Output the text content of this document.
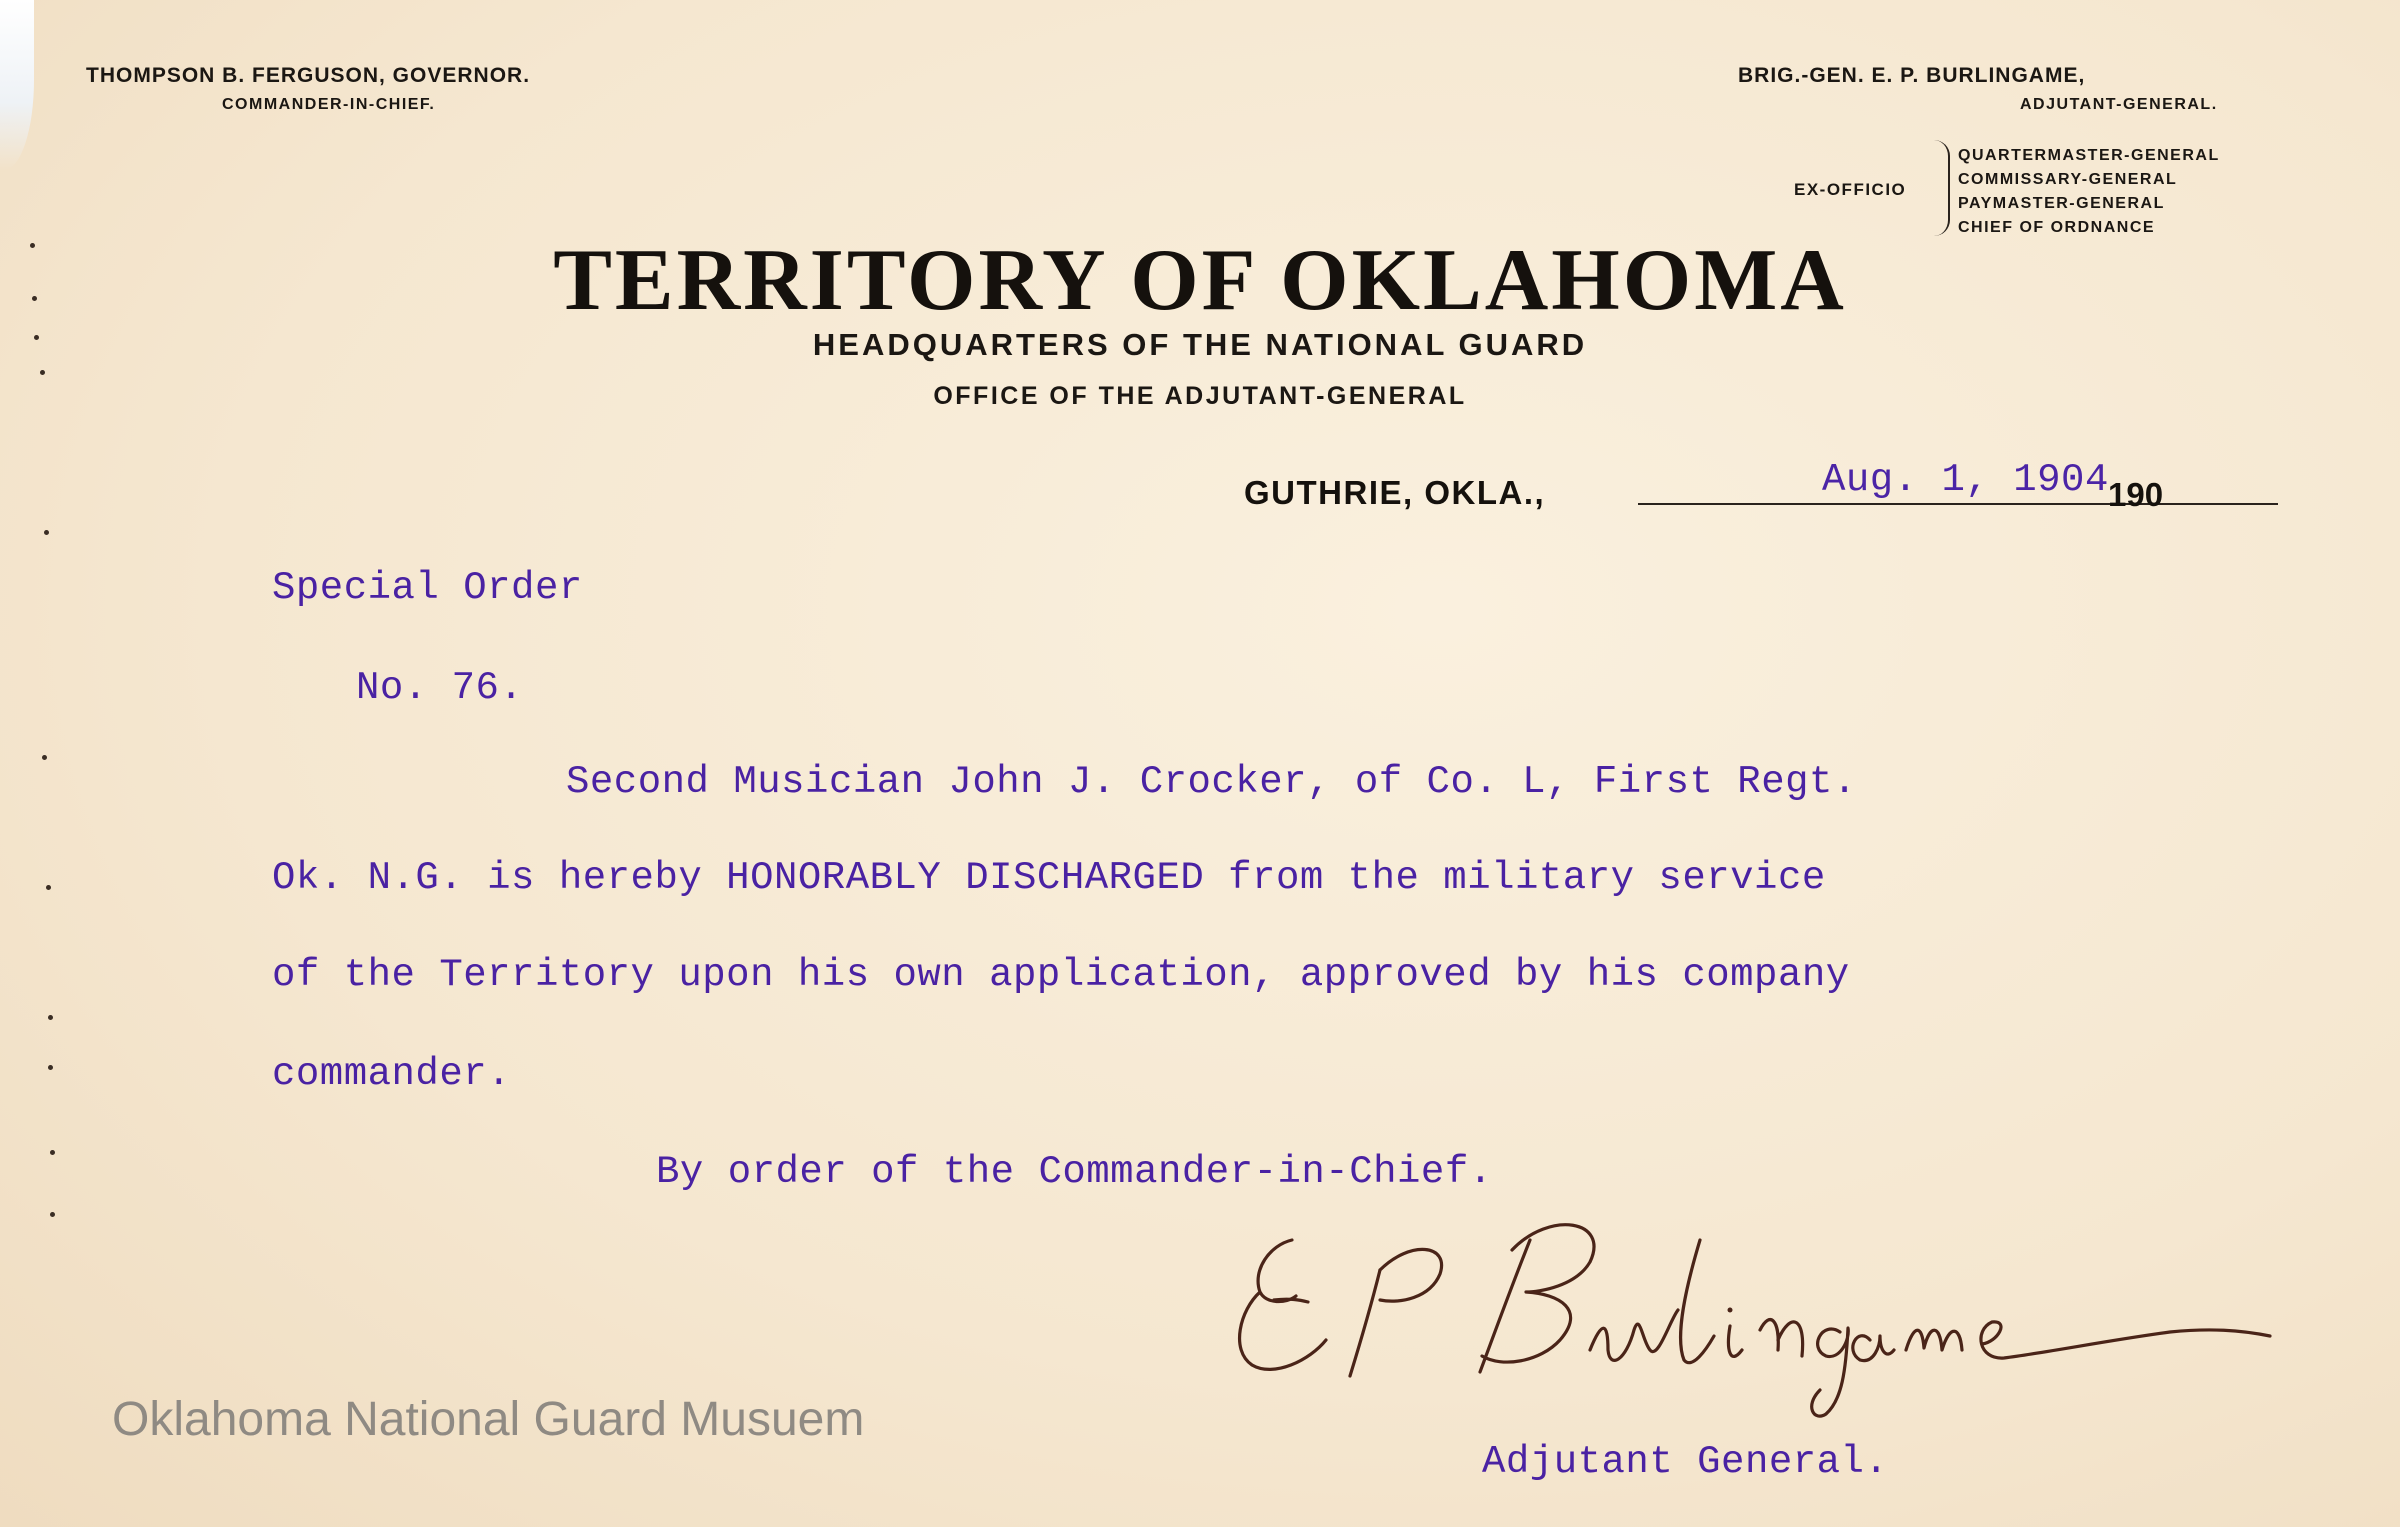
THOMPSON B. FERGUSON, GOVERNOR.
COMMANDER-IN-CHIEF.
BRIG.-GEN. E. P. BURLINGAME,
ADJUTANT-GENERAL.
EX-OFFICIO
QUARTERMASTER-GENERAL
COMMISSARY-GENERAL
PAYMASTER-GENERAL
CHIEF OF ORDNANCE
TERRITORY OF OKLAHOMA
HEADQUARTERS OF THE NATIONAL GUARD
OFFICE OF THE ADJUTANT-GENERAL
GUTHRIE, OKLA.,	190
Aug. 1, 1904
Special Order
No. 76.
Second Musician John J. Crocker, of Co. L, First Regt.
Ok. N.G. is hereby HONORABLY DISCHARGED from the military service
of the Territory upon his own application, approved by his company
commander.
By order of the Commander-in-Chief.
Adjutant General.
Oklahoma National Guard Musuem
